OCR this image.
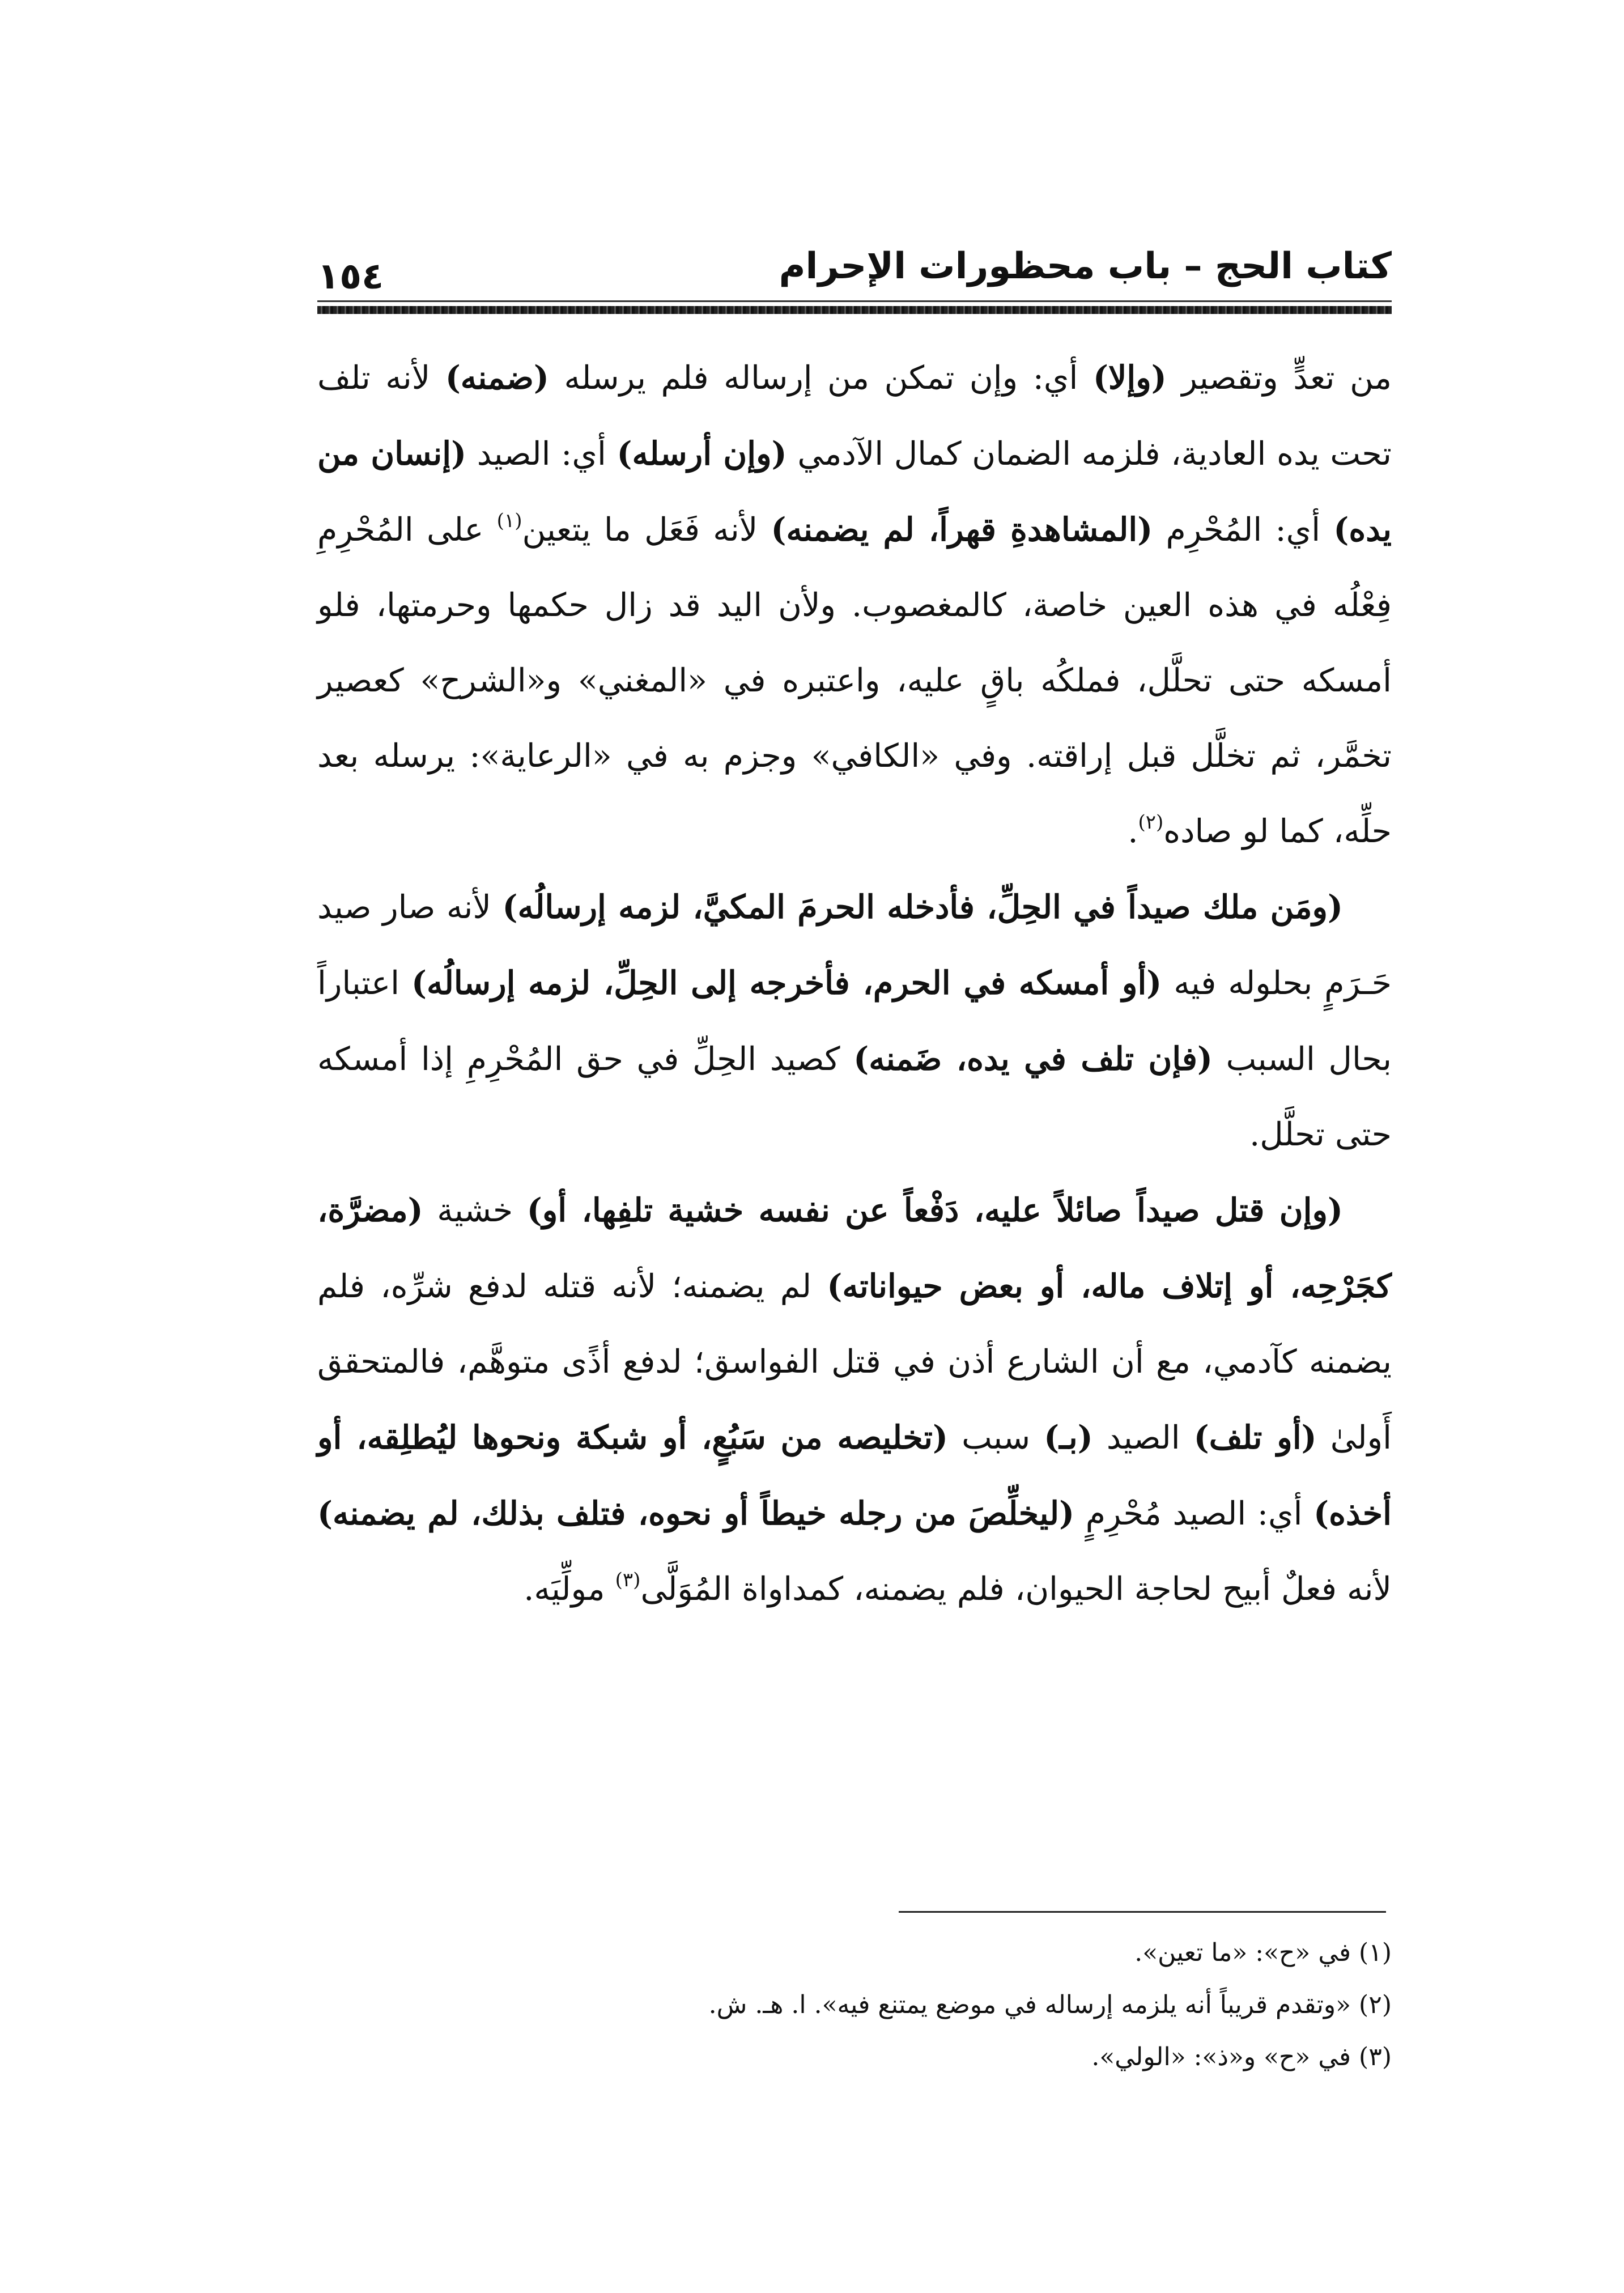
كتاب الحج – باب محظورات الإحرام
١٥٤

من تعدٍّ وتقصير (وإلا) أي: وإن تمكن من إرساله فلم يرسله (ضمنه) لأنه تلف تحت يده العادية، فلزمه الضمان كمال الآدمي (وإن أرسله) أي: الصيد (إنسان من يده) أي: المُحْرِم (المشاهدةِ قهراً، لم يضمنه) لأنه فَعَل ما يتعين$^{(١)}$ على المُحْرِمِ فِعْلُه في هذه العين خاصة، كالمغصوب. ولأن اليد قد زال حكمها وحرمتها، فلو أمسكه حتى تحلَّل، فملكُه باقٍ عليه، واعتبره في «المغني» و«الشرح» كعصير تخمَّر، ثم تخلَّل قبل إراقته. وفي «الكافي» وجزم به في «الرعاية»: يرسله بعد حلِّه، كما لو صاده$^{(٢)}$.

(ومَن ملك صيداً في الحِلِّ، فأدخله الحرمَ المكيَّ، لزمه إرسالُه) لأنه صار صيد حَـرَمٍ بحلوله فيه (أو أمسكه في الحرم، فأخرجه إلى الحِلِّ، لزمه إرسالُه) اعتباراً بحال السبب (فإن تلف في يده، ضَمنه) كصيد الحِلِّ في حق المُحْرِمِ إذا أمسكه حتى تحلَّل.

(وإن قتل صيداً صائلاً عليه، دَفْعاً عن نفسه خشية تلفِها، أو) خشية (مضرَّة، كجَرْحِه، أو إتلاف ماله، أو بعض حيواناته) لم يضمنه؛ لأنه قتله لدفع شرِّه، فلم يضمنه كآدمي، مع أن الشارع أذن في قتل الفواسق؛ لدفع أذًى متوهَّم، فالمتحقق أَولىٰ (أو تلف) الصيد (بـ) سبب (تخليصه من سَبُعٍ، أو شبكة ونحوها ليُطلِقه، أو أخذه) أي: الصيد مُحْرِمٍ (ليخلِّصَ من رجله خيطاً أو نحوه، فتلف بذلك، لم يضمنه) لأنه فعلٌ أبيح لحاجة الحيوان، فلم يضمنه، كمداواة المُوَلَّى$^{(٣)}$ مولِّيَه.

(١) في «ح»: «ما تعين».
(٢) «وتقدم قريباً أنه يلزمه إرساله في موضع يمتنع فيه». ا. هـ. ش.
(٣) في «ح» و«ذ»: «الولي».
